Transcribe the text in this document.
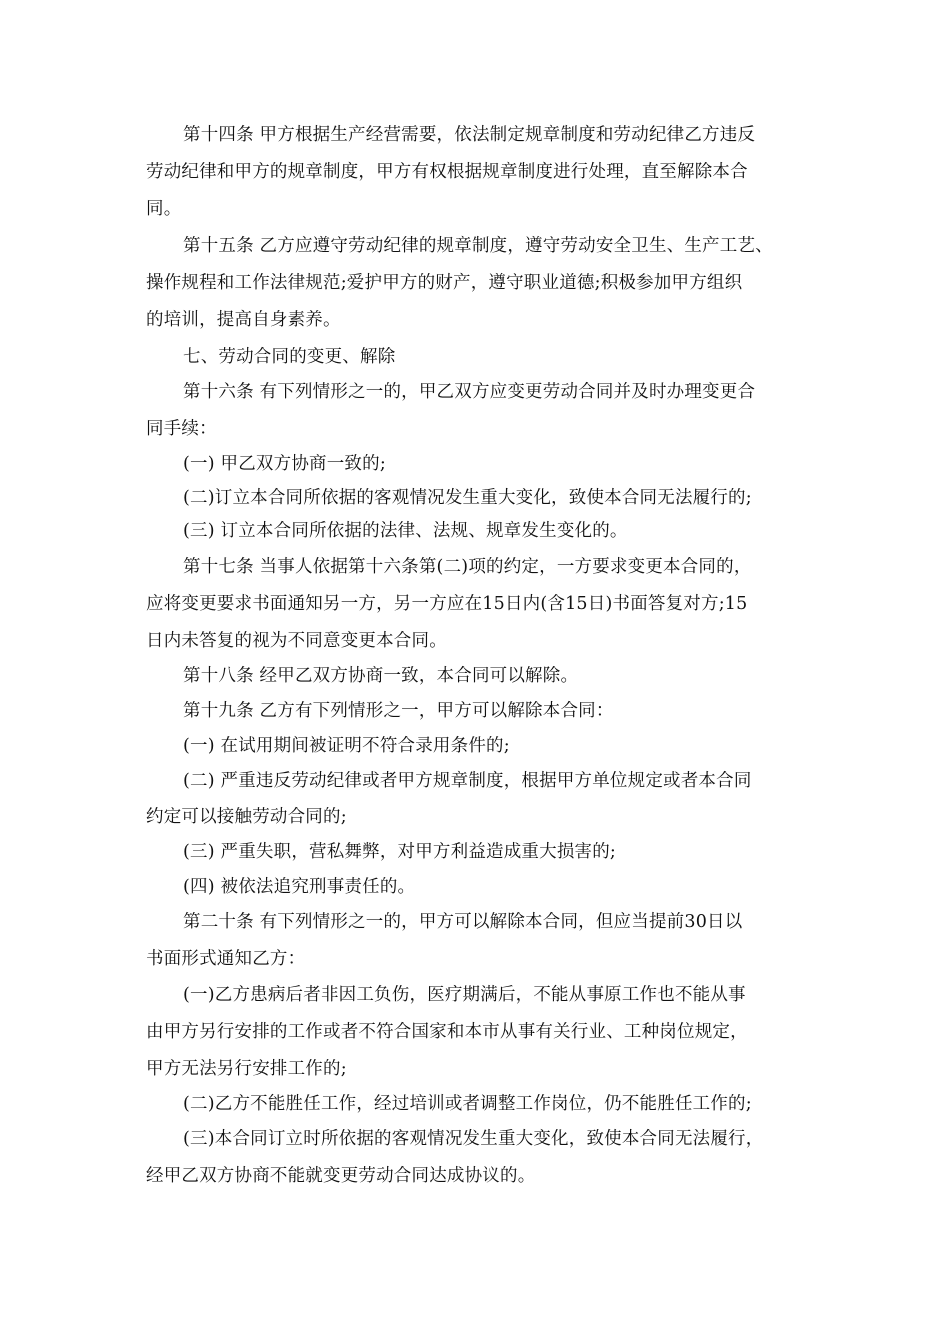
第十四条 甲方根据生产经营需要，依法制定规章制度和劳动纪律乙方违反
劳动纪律和甲方的规章制度，甲方有权根据规章制度进行处理，直至解除本合
同。
第十五条 乙方应遵守劳动纪律的规章制度，遵守劳动安全卫生、生产工艺、
操作规程和工作法律规范;爱护甲方的财产，遵守职业道德;积极参加甲方组织
的培训，提高自身素养。
七、劳动合同的变更、解除
第十六条 有下列情形之一的，甲乙双方应变更劳动合同并及时办理变更合
同手续：
(一) 甲乙双方协商一致的;
(二)订立本合同所依据的客观情况发生重大变化，致使本合同无法履行的;
(三) 订立本合同所依据的法律、法规、规章发生变化的。
第十七条 当事人依据第十六条第(二)项的约定，一方要求变更本合同的，
应将变更要求书面通知另一方，另一方应在15日内(含15日)书面答复对方;15
日内未答复的视为不同意变更本合同。
第十八条 经甲乙双方协商一致，本合同可以解除。
第十九条 乙方有下列情形之一，甲方可以解除本合同：
(一) 在试用期间被证明不符合录用条件的;
(二) 严重违反劳动纪律或者甲方规章制度，根据甲方单位规定或者本合同
约定可以接触劳动合同的;
(三) 严重失职，营私舞弊，对甲方利益造成重大损害的;
(四) 被依法追究刑事责任的。
第二十条 有下列情形之一的，甲方可以解除本合同，但应当提前30日以
书面形式通知乙方：
(一)乙方患病后者非因工负伤，医疗期满后，不能从事原工作也不能从事
由甲方另行安排的工作或者不符合国家和本市从事有关行业、工种岗位规定，
甲方无法另行安排工作的;
(二)乙方不能胜任工作，经过培训或者调整工作岗位，仍不能胜任工作的;
(三)本合同订立时所依据的客观情况发生重大变化，致使本合同无法履行，
经甲乙双方协商不能就变更劳动合同达成协议的。
